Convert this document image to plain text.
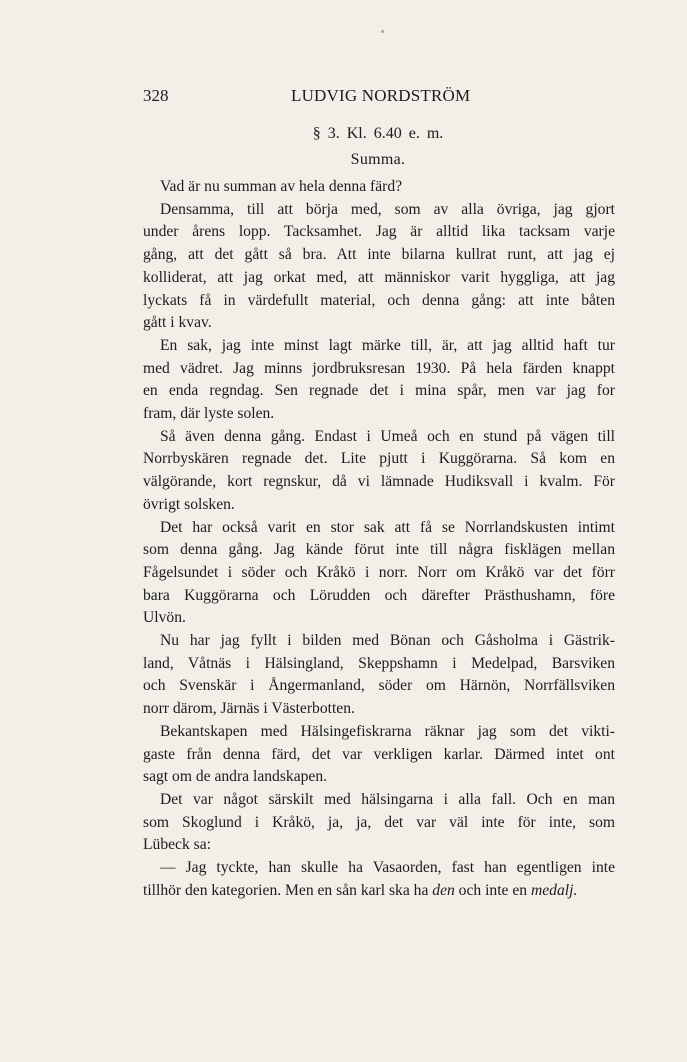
328	LUDVIG NORDSTRÖM
§ 3. Kl. 6.40 e. m.
Summa.

Vad är nu summan av hela denna färd?

Densamma, till att börja med, som av alla övriga, jag gjort
under årens lopp. Tacksamhet. Jag är alltid lika tacksam varje
gång, att det gått så bra. Att inte bilarna kullrat runt, att jag ej
kolliderat, att jag orkat med, att människor varit hyggliga, att jag
lyckats få in värdefullt material, och denna gång: att inte båten
gått i kvav.

En sak, jag inte minst lagt märke till, är, att jag alltid haft tur
med vädret. Jag minns jordbruksresan 1930. På hela färden knappt
en enda regndag. Sen regnade det i mina spår, men var jag for
fram, där lyste solen.

Så även denna gång. Endast i Umeå och en stund på vägen till
Norrbyskären regnade det. Lite pjutt i Kuggörarna. Så kom en
välgörande, kort regnskur, då vi lämnade Hudiksvall i kvalm. För
övrigt solsken.

Det har också varit en stor sak att få se Norrlandskusten intimt
som denna gång. Jag kände förut inte till några fisklägen mellan
Fågelsundet i söder och Kråkö i norr. Norr om Kråkö var det förr
bara Kuggörarna och Lörudden och därefter Prästhushamn, före
Ulvön.

Nu har jag fyllt i bilden med Bönan och Gåsholma i Gästrik-
land, Våtnäs i Hälsingland, Skeppshamn i Medelpad, Barsviken
och Svenskär i Ångermanland, söder om Härnön, Norrfällsviken
norr därom, Järnäs i Västerbotten.

Bekantskapen med Hälsingefiskrarna räknar jag som det vikti-
gaste från denna färd, det var verkligen karlar. Därmed intet ont
sagt om de andra landskapen.

Det var något särskilt med hälsingarna i alla fall. Och en man
som Skoglund i Kråkö, ja, ja, det var väl inte för inte, som
Lübeck sa:

— Jag tyckte, han skulle ha Vasaorden, fast han egentligen inte
tillhör den kategorien. Men en sån karl ska ha den och inte en medalj.
